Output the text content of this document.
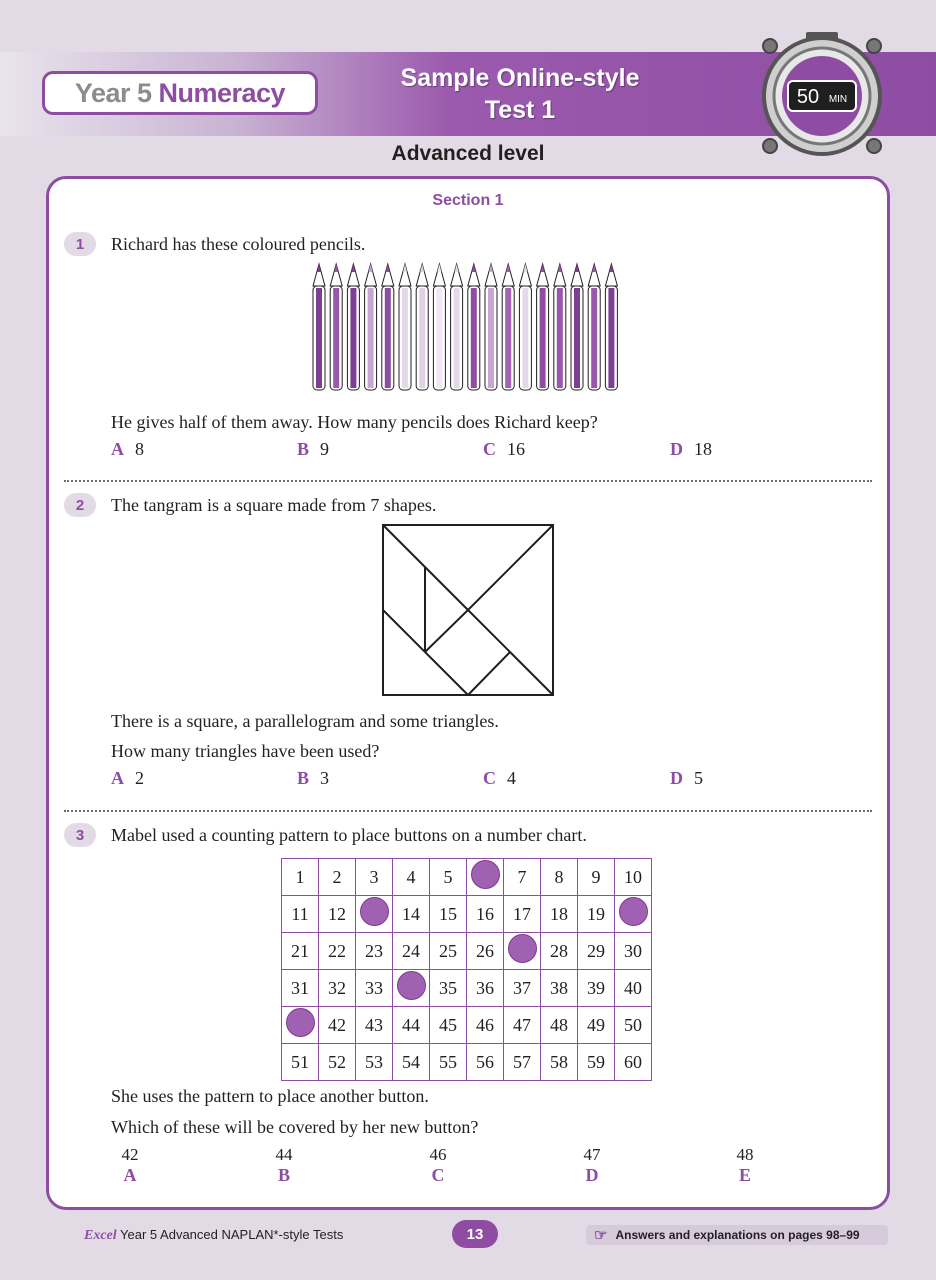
Year 5 Numeracy	Sample Online-style
Test 1	50 MIN
Advanced level
Section 1
1	Richard has these coloured pencils.
He gives half of them away. How many pencils does Richard keep?
A 8	B 9	C 16	D 18
2	The tangram is a square made from 7 shapes.
There is a square, a parallelogram and some triangles.
How many triangles have been used?
A 2	B 3	C 4	D 5
3	Mabel used a counting pattern to place buttons on a number chart.
1	2	3	4	5		7	8	9	10
11	12		14	15	16	17	18	19	
21	22	23	24	25	26		28	29	30
31	32	33		35	36	37	38	39	40
	42	43	44	45	46	47	48	49	50
51	52	53	54	55	56	57	58	59	60
She uses the pattern to place another button.
Which of these will be covered by her new button?
42
A
44
B
46
C
47
D
48
E
Excel Year 5 Advanced NAPLAN*-style Tests	13	☞ Answers and explanations on pages 98–99
